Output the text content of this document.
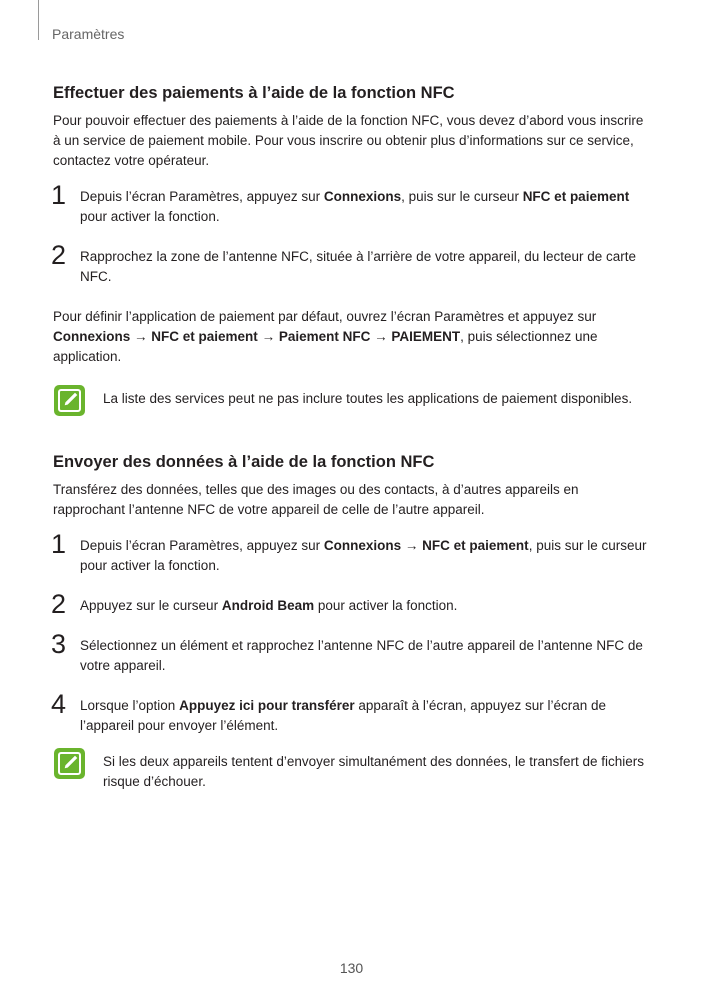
Paramètres
Effectuer des paiements à l’aide de la fonction NFC

Pour pouvoir effectuer des paiements à l’aide de la fonction NFC, vous devez d’abord vous inscrire à un service de paiement mobile. Pour vous inscrire ou obtenir plus d’informations sur ce service, contactez votre opérateur.

1 Depuis l’écran Paramètres, appuyez sur Connexions, puis sur le curseur NFC et paiement pour activer la fonction.
2 Rapprochez la zone de l’antenne NFC, située à l’arrière de votre appareil, du lecteur de carte NFC.

Pour définir l’application de paiement par défaut, ouvrez l’écran Paramètres et appuyez sur Connexions → NFC et paiement → Paiement NFC → PAIEMENT, puis sélectionnez une application.

La liste des services peut ne pas inclure toutes les applications de paiement disponibles.
Envoyer des données à l’aide de la fonction NFC

Transférez des données, telles que des images ou des contacts, à d’autres appareils en rapprochant l’antenne NFC de votre appareil de celle de l’autre appareil.

1 Depuis l’écran Paramètres, appuyez sur Connexions → NFC et paiement, puis sur le curseur pour activer la fonction.
2 Appuyez sur le curseur Android Beam pour activer la fonction.
3 Sélectionnez un élément et rapprochez l’antenne NFC de l’autre appareil de l’antenne NFC de votre appareil.
4 Lorsque l’option Appuyez ici pour transférer apparaît à l’écran, appuyez sur l’écran de l’appareil pour envoyer l’élément.
Si les deux appareils tentent d’envoyer simultanément des données, le transfert de fichiers risque d’échouer.
130
